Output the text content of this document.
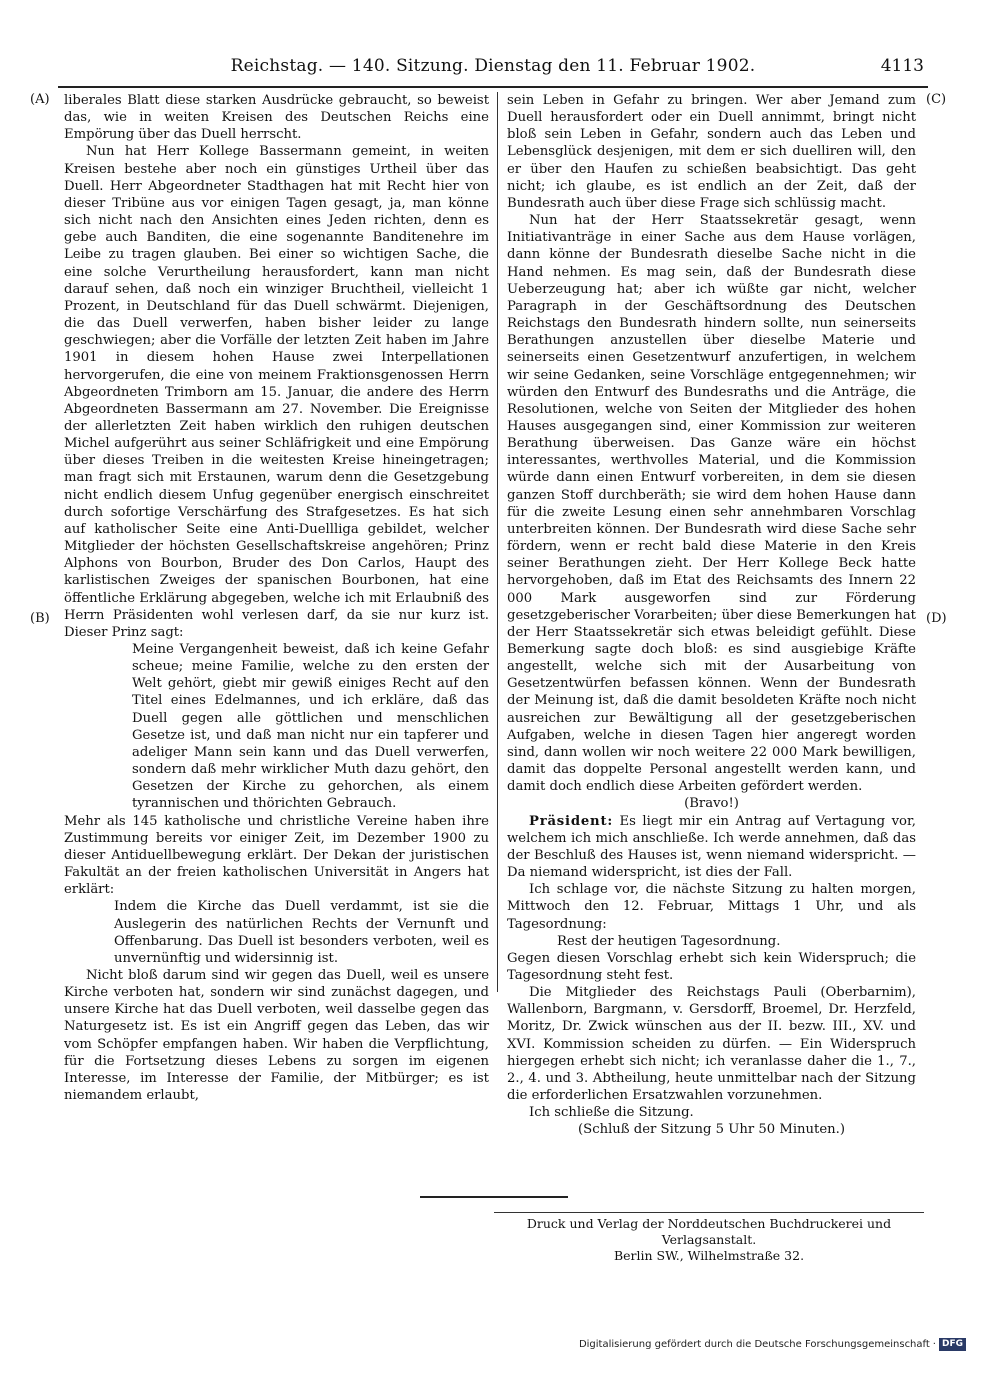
Reichstag. — 140. Sitzung. Dienstag den 11. Februar 1902.	4113
(A)
(B)
(C)
(D)

liberales Blatt diese starken Ausdrücke gebraucht, so beweist das, wie in weiten Kreisen des Deutschen Reichs eine Empörung über das Duell herrscht.

Nun hat Herr Kollege Bassermann gemeint, in weiten Kreisen bestehe aber noch ein günstiges Urtheil über das Duell. Herr Abgeordneter Stadthagen hat mit Recht hier von dieser Tribüne aus vor einigen Tagen gesagt, ja, man könne sich nicht nach den Ansichten eines Jeden richten, denn es gebe auch Banditen, die eine sogenannte Banditenehre im Leibe zu tragen glauben. Bei einer so wichtigen Sache, die eine solche Verurtheilung herausfordert, kann man nicht darauf sehen, daß noch ein winziger Bruchtheil, vielleicht 1 Prozent, in Deutschland für das Duell schwärmt. Diejenigen, die das Duell verwerfen, haben bisher leider zu lange geschwiegen; aber die Vorfälle der letzten Zeit haben im Jahre 1901 in diesem hohen Hause zwei Interpellationen hervorgerufen, die eine von meinem Fraktionsgenossen Herrn Abgeordneten Trimborn am 15. Januar, die andere des Herrn Abgeordneten Bassermann am 27. November. Die Ereignisse der allerletzten Zeit haben wirklich den ruhigen deutschen Michel aufgerührt aus seiner Schläfrigkeit und eine Empörung über dieses Treiben in die weitesten Kreise hineingetragen; man fragt sich mit Erstaunen, warum denn die Gesetzgebung nicht endlich diesem Unfug gegenüber energisch einschreitet durch sofortige Verschärfung des Strafgesetzes. Es hat sich auf katholischer Seite eine Anti-Duellliga gebildet, welcher Mitglieder der höchsten Gesellschaftskreise angehören; Prinz Alphons von Bourbon, Bruder des Don Carlos, Haupt des karlistischen Zweiges der spanischen Bourbonen, hat eine öffentliche Erklärung abgegeben, welche ich mit Erlaubniß des Herrn Präsidenten wohl verlesen darf, da sie nur kurz ist. Dieser Prinz sagt:

Meine Vergangenheit beweist, daß ich keine Gefahr scheue; meine Familie, welche zu den ersten der Welt gehört, giebt mir gewiß einiges Recht auf den Titel eines Edelmannes, und ich erkläre, daß das Duell gegen alle göttlichen und menschlichen Gesetze ist, und daß man nicht nur ein tapferer und adeliger Mann sein kann und das Duell verwerfen, sondern daß mehr wirklicher Muth dazu gehört, den Gesetzen der Kirche zu gehorchen, als einem tyrannischen und thörichten Gebrauch.

Mehr als 145 katholische und christliche Vereine haben ihre Zustimmung bereits vor einiger Zeit, im Dezember 1900 zu dieser Antiduellbewegung erklärt. Der Dekan der juristischen Fakultät an der freien katholischen Universität in Angers hat erklärt:

Indem die Kirche das Duell verdammt, ist sie die Auslegerin des natürlichen Rechts der Vernunft und Offenbarung. Das Duell ist besonders verboten, weil es unvernünftig und widersinnig ist.

Nicht bloß darum sind wir gegen das Duell, weil es unsere Kirche verboten hat, sondern wir sind zunächst dagegen, und unsere Kirche hat das Duell verboten, weil dasselbe gegen das Naturgesetz ist. Es ist ein Angriff gegen das Leben, das wir vom Schöpfer empfangen haben. Wir haben die Verpflichtung, für die Fortsetzung dieses Lebens zu sorgen im eigenen Interesse, im Interesse der Familie, der Mitbürger; es ist niemandem erlaubt,

sein Leben in Gefahr zu bringen. Wer aber Jemand zum Duell herausfordert oder ein Duell annimmt, bringt nicht bloß sein Leben in Gefahr, sondern auch das Leben und Lebensglück desjenigen, mit dem er sich duelliren will, den er über den Haufen zu schießen beabsichtigt. Das geht nicht; ich glaube, es ist endlich an der Zeit, daß der Bundesrath auch über diese Frage sich schlüssig macht.

Nun hat der Herr Staatssekretär gesagt, wenn Initiativanträge in einer Sache aus dem Hause vorlägen, dann könne der Bundesrath dieselbe Sache nicht in die Hand nehmen. Es mag sein, daß der Bundesrath diese Ueberzeugung hat; aber ich wüßte gar nicht, welcher Paragraph in der Geschäftsordnung des Deutschen Reichstags den Bundesrath hindern sollte, nun seinerseits Berathungen anzustellen über dieselbe Materie und seinerseits einen Gesetzentwurf anzufertigen, in welchem wir seine Gedanken, seine Vorschläge entgegennehmen; wir würden den Entwurf des Bundesraths und die Anträge, die Resolutionen, welche von Seiten der Mitglieder des hohen Hauses ausgegangen sind, einer Kommission zur weiteren Berathung überweisen. Das Ganze wäre ein höchst interessantes, werthvolles Material, und die Kommission würde dann einen Entwurf vorbereiten, in dem sie diesen ganzen Stoff durchberäth; sie wird dem hohen Hause dann für die zweite Lesung einen sehr annehmbaren Vorschlag unterbreiten können. Der Bundesrath wird diese Sache sehr fördern, wenn er recht bald diese Materie in den Kreis seiner Berathungen zieht. Der Herr Kollege Beck hatte hervorgehoben, daß im Etat des Reichsamts des Innern 22 000 Mark ausgeworfen sind zur Förderung gesetzgeberischer Vorarbeiten; über diese Bemerkungen hat der Herr Staatssekretär sich etwas beleidigt gefühlt. Diese Bemerkung sagte doch bloß: es sind ausgiebige Kräfte angestellt, welche sich mit der Ausarbeitung von Gesetzentwürfen befassen können. Wenn der Bundesrath der Meinung ist, daß die damit besoldeten Kräfte noch nicht ausreichen zur Bewältigung all der gesetzgeberischen Aufgaben, welche in diesen Tagen hier angeregt worden sind, dann wollen wir noch weitere 22 000 Mark bewilligen, damit das doppelte Personal angestellt werden kann, und damit doch endlich diese Arbeiten gefördert werden.

(Bravo!)

Präsident: Es liegt mir ein Antrag auf Vertagung vor, welchem ich mich anschließe. Ich werde annehmen, daß das der Beschluß des Hauses ist, wenn niemand widerspricht. — Da niemand widerspricht, ist dies der Fall.

Ich schlage vor, die nächste Sitzung zu halten morgen, Mittwoch den 12. Februar, Mittags 1 Uhr, und als Tagesordnung:

Rest der heutigen Tagesordnung.

Gegen diesen Vorschlag erhebt sich kein Widerspruch; die Tagesordnung steht fest.

Die Mitglieder des Reichstags Pauli (Oberbarnim), Wallenborn, Bargmann, v. Gersdorff, Broemel, Dr. Herzfeld, Moritz, Dr. Zwick wünschen aus der II. bezw. III., XV. und XVI. Kommission scheiden zu dürfen. — Ein Widerspruch hiergegen erhebt sich nicht; ich veranlasse daher die 1., 7., 2., 4. und 3. Abtheilung, heute unmittelbar nach der Sitzung die erforderlichen Ersatzwahlen vorzunehmen.

Ich schließe die Sitzung.

(Schluß der Sitzung 5 Uhr 50 Minuten.)

Druck und Verlag der Norddeutschen Buchdruckerei und Verlagsanstalt.
Berlin SW., Wilhelmstraße 32.
Digitalisierung gefördert durch die Deutsche Forschungsgemeinschaft · DFG
